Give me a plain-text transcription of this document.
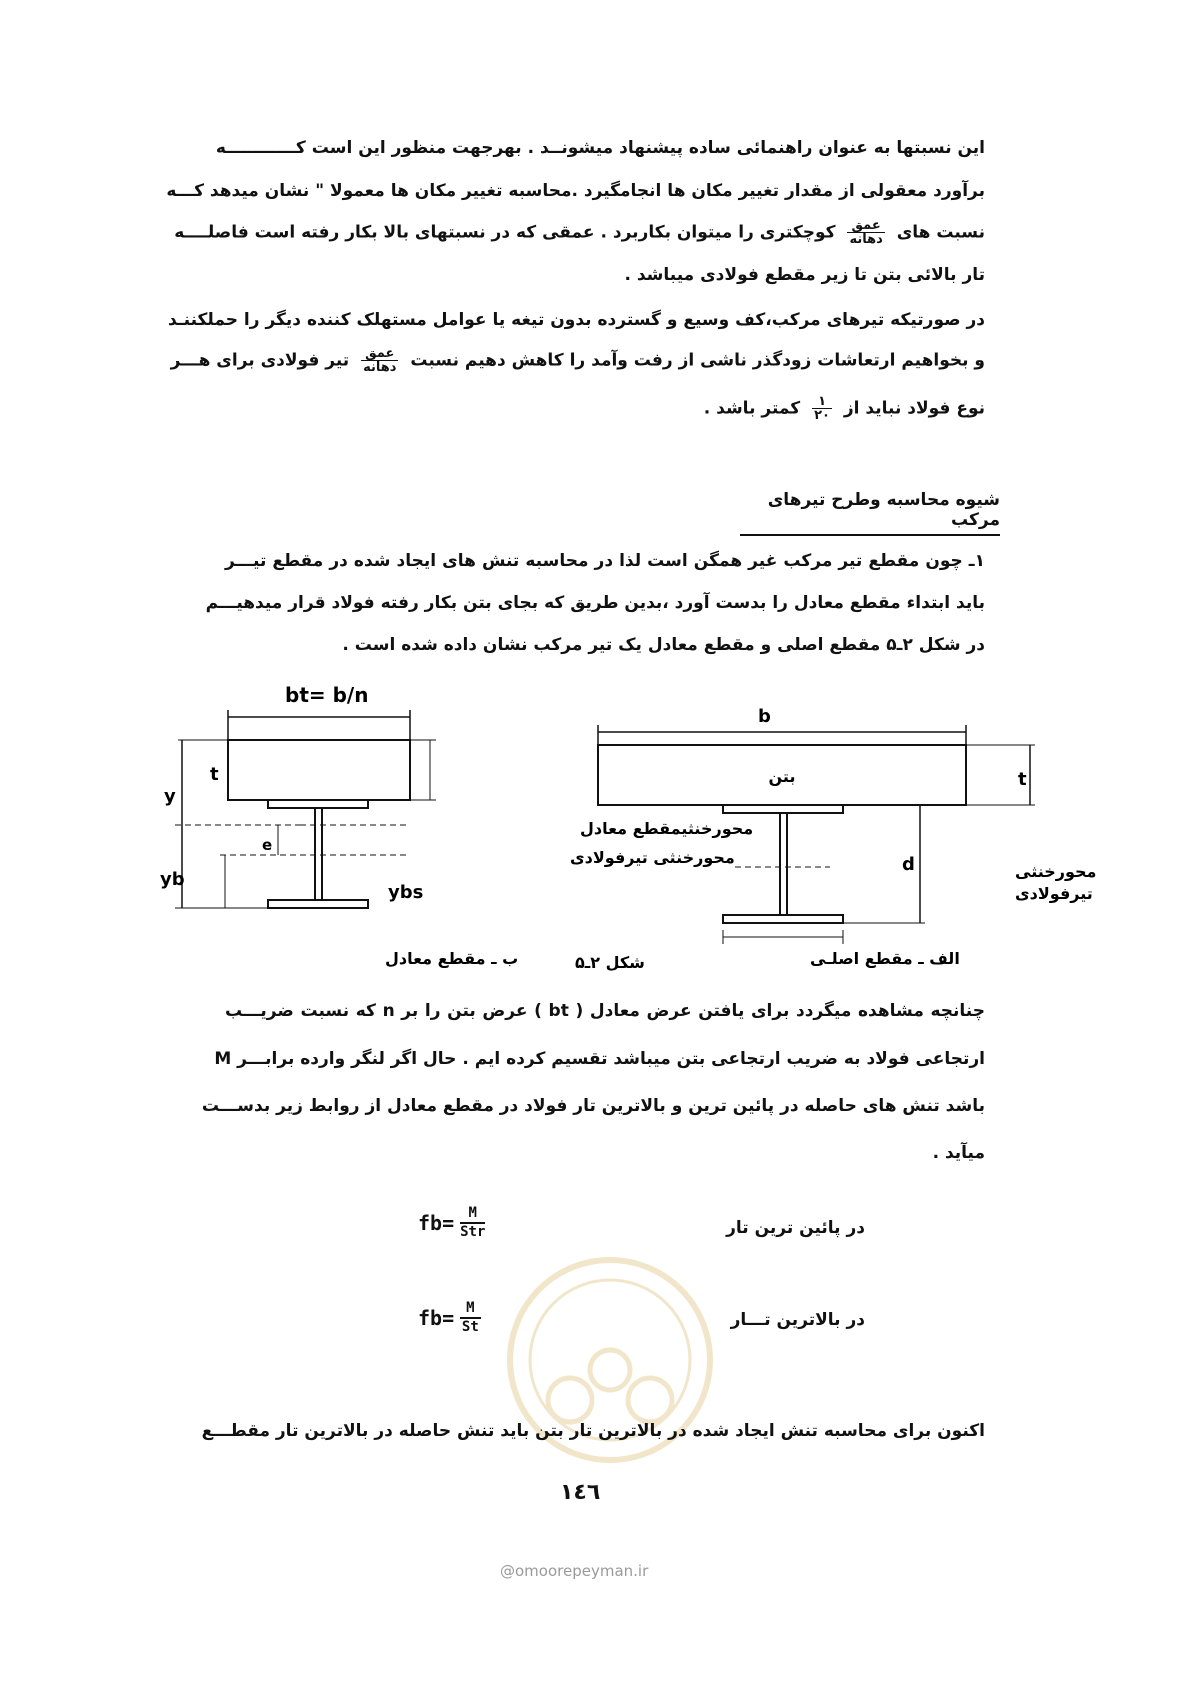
این نسبتها به عنوان راهنمائی ساده پیشنهاد میشونــد . بهرجهت منظور این است کــــــــــــه
برآورد معقولی از مقدار تغییر مکان ها انجامگیرد .محاسبه تغییر مکان ها معمولا " نشان میدهد کـــه
نسبت های
$\frac{\text{عمق}}{\text{دهانه}}$
کوچکتری را میتوان بکاربرد . عمقی که در نسبتهای بالا بکار رفته است فاصلــــه
تار بالائی بتن تا زیر مقطع فولادی میباشد .
در صورتیکه تیرهای مرکب،کف وسیع و گسترده بدون تیغه یا عوامل مستهلک کننده دیگر را حملکننـد
و بخواهیم ارتعاشات زودگذر ناشی از رفت وآمد را کاهش دهیم نسبت
$\frac{\text{عمق}}{\text{دهانه}}$
تیر فولادی برای هـــر
نوع فولاد نباید از
$\frac{۱}{۲۰}$
کمتر باشد .
شیوه محاسبه وطرح تیرهای مرکب
۱ـ چون مقطع تیر مرکب غیر همگن است لذا در محاسبه تنش های ایجاد شده در مقطع تیـــر
باید ابتداء مقطع معادل را بدست آورد ،بدین طریق که بجای بتن بکار رفته فولاد قرار میدهیـــم
در شکل ۲ـ۵ مقطع اصلی و مقطع معادل یک تیر مرکب نشان داده شده است .
bt= b/n
t
y
e
yb
ybs
محورخنثیمقطع معادل
محورخنثی تیرفولادی
b
بتن	t
d	محورخنثی
تیرفولادی
ب ـ مقطع معادل	شکل ۲ـ۵	الف ـ مقطع اصلـی
چنانچه مشاهده میگردد برای یافتن عرض معادل ( bt ) عرض بتن را بر n که نسبت ضریـــب
ارتجاعی فولاد به ضریب ارتجاعی بتن میباشد تقسیم کرده ایم . حال اگر لنگر وارده برابـــر M
باشد تنش های حاصله در پائین ترین و بالاترین تار فولاد در مقطع معادل از روابط زیر بدســـت
میآید .
fb=	M
Str	در پائین ترین تار
$fb= \frac{M}{St}$	در بالاترین تـــار
اکنون برای محاسبه تنش ایجاد شده در بالاترین تار بتن باید تنش حاصله در بالاترین تار مقطـــع
١٤٦
@omoorepeyman.ir
